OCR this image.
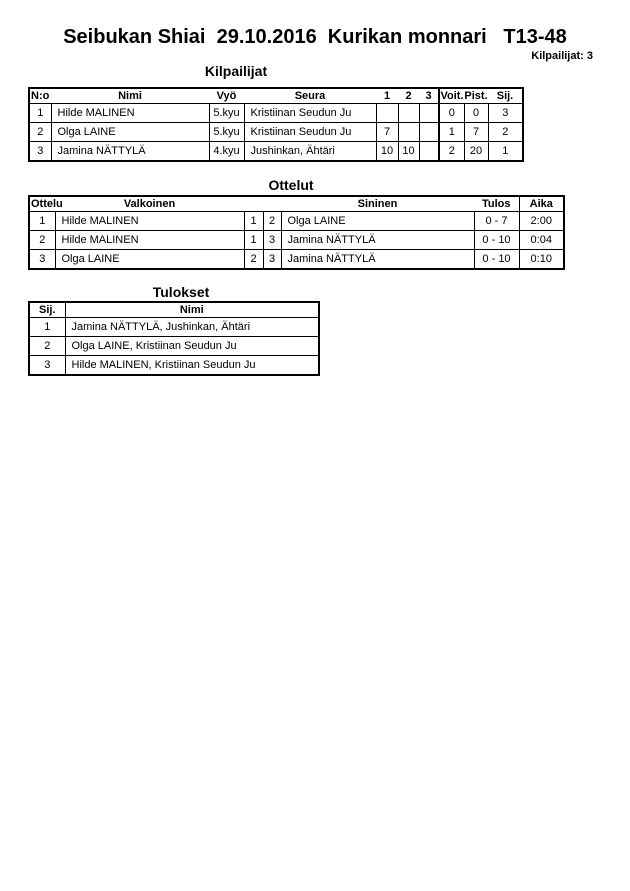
Seibukan Shiai  29.10.2016  Kurikan monnari   T13-48
Kilpailijat: 3
Kilpailijat
N:o	Nimi	Vyö	Seura	1	2	3	Voit.	Pist.	Sij.
1	Hilde MALINEN	5.kyu	Kristiinan Seudun Ju				0	0	3
2	Olga LAINE	5.kyu	Kristiinan Seudun Ju	7			1	7	2
3	Jamina NÄTTYLÄ	4.kyu	Jushinkan, Ähtäri	10	10		2	20	1
Ottelut
Ottelu	Valkoinen			Sininen	Tulos	Aika
1	Hilde MALINEN	1	2	Olga LAINE	0 - 7	2:00
2	Hilde MALINEN	1	3	Jamina NÄTTYLÄ	0 - 10	0:04
3	Olga LAINE	2	3	Jamina NÄTTYLÄ	0 - 10	0:10
Tulokset
Sij.	Nimi
1	Jamina NÄTTYLÄ, Jushinkan, Ähtäri
2	Olga LAINE, Kristiinan Seudun Ju
3	Hilde MALINEN, Kristiinan Seudun Ju
